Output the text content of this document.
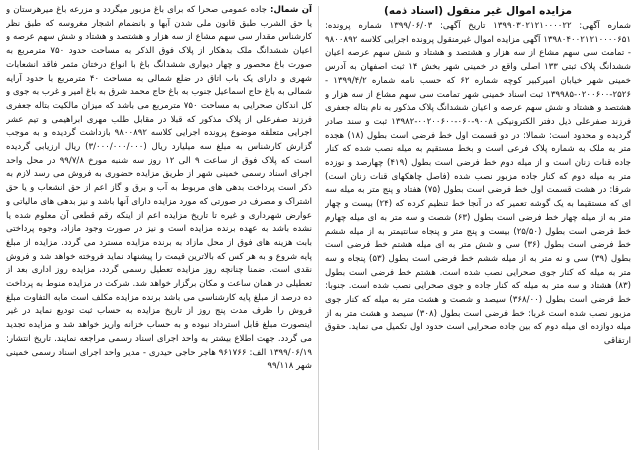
مزایده اموال غیر منقول (اسناد ذمه)

شماره آگهی: ۱۳۹۹۰۳۰۲۱۲۱۰۰۰۰۲۲ تاریخ آگهی: ۱۳۹۹/۰۶/۰۳ شماره پرونده: ۱۳۹۸۰۴۰۰۲۱۲۱۰۰۰۰۶۵۱ آگهی مزایده اموال غیرمنقول پرونده اجرایی کلاسه ۹۸۰۰۸۹۲ - تمامت سی سهم مشاع از سه هزار و هشتصد و هشتاد و شش سهم عرصه اعیان ششدانگ پلاک ثبتی ۱۳۳ اصلی واقع در خمینی شهر بخش ۱۴ ثبت اصفهان به آدرس خمینی شهر خیابان امیرکبیر کوچه شماره ۶۲ که حسب نامه شماره ۱۳۹۹/۴/۲ - ۲۵۲۶-۰۲۰۰۶۰۰-۱۳۹۹۸۵ ثبت اسناد خمینی شهر تمامت سی سهم مشاع از سه هزار و هشتصد و هشتاد و شش سهم عرصه و اعیان ششدانگ پلاک مذکور به نام بتاله جعفری فرزند صفرعلی ذیل دفتر الکترونیکی ۹۰۰۸-۰۶۰-۰۰۲۰۰۶۰۰-۱۳۹۸۲ ثبت و سند صادر گردیده و محدود است: شمالا: در دو قسمت اول خط فرضی است بطول (۱۸) هجده متر به ملک به شماره پلاک فرعی است و بخط مستقیم به میله نصب شده که کنار جاده قنات زنان است و از میله دوم خط فرضی است بطول (۴۱۹) چهارصد و نوزده متر به میله دوم که کنار جاده مزبور نصب شده (فاصل چاهکهای قنات زنان است) شرقا: در هشت قسمت اول خط فرضی است بطول (۷۵) هفتاد و پنج متر به میله سه ای که مستقیما به یک گوشه تعمیر که در آنجا خط تنظیم کرده که (۲۴) بیست و چهار متر به از میله چهار خط فرضی است بطول (۶۳) شصت و سه متر به ای میله چهارم خط فرضی است بطول (۲۵/۵۰) بیست و پنج متر و پنجاه سانتیمتر به از میله ششم خط فرضی است بطول (۳۶) سی و شش متر به ای میله هشتم خط فرضی است بطول (۳۹) سی و نه متر به از میله ششم خط فرضی است بطول (۵۳) پنجاه و سه متر به میله که کنار جوی صحرایی نصب شده است. هشتم خط فرضی است بطول (۸۳) هشتاد و سه متر به میله که کنار جاده و جوی صحرایی نصب شده است. جنوبا: خط فرضی است بطول (۳۶۸/۰۰) سیصد و شصت و هشت متر به میله که کنار جوی مزبور نصب شده است غربا: خط فرضی است بطول (۳۰۸) سیصد و هشت متر به از میله دوازده ای میله دوم که بین جاده صحرایی است حدود اول تکمیل می نماید. حقوق ارتفاقی

آن شمال: جاده عمومی صحرا که برای باغ مزبور میگردد و مزرعه باغ میرهرستان و یا حق الشرب طبق قانون ملی شدن آبها و بانضمام اشجار مغروسه که طبق نظر کارشناس مقدار سی سهم مشاع از سه هزار و هشتصد و هشتاد و شش سهم عرصه و اعیان ششدانگ ملک بدهکار از پلاک فوق الذکر به مساحت حدود ۷۵۰ مترمربع به صورت باغ محصور و چهار دیواری ششدانگ باغ با انواع درختان مثمر فاقد انشعابات شهری و دارای یک باب اتاق در ضلع شمالی به مساحت ۴۰ مترمربع با حدود آرایه شمالی به باغ حاج اسماعیل جنوب به باغ حاج محمد شرق به باغ امیر و غرب به جوی و کل اندکان صحرایی به مساحت ۷۵۰ مترمربع می باشد که میزان مالکیت بتاله جعفری فرزند صفرعلی از پلاک مذکور که قبلا در مقابل طلب مهری ابراهیمی و تیم عشر اجرایی متعلقه موضوع پرونده اجرایی کلاسه ۹۸۰۰۸۹۲ بازداشت گردیده و به موجب گزارش کارشناس به مبلغ سه میلیارد ریال (۳/۰۰۰/۰۰۰/۰۰۰) ریال ارزیابی گردیده است که پلاک فوق از ساعت ۹ الی ۱۲ روز سه شنبه مورخ ۹۹/۷/۸ در محل واحد اجرای اسناد رسمی خمینی شهر از طریق مزایده حضوری به فروش می رسد لازم به ذکر است پرداخت بدهی های مربوط به آب و برق و گاز اعم از حق انشعاب و یا حق اشتراک و مصرف در صورتی که مورد مزایده دارای آنها باشد و نیز بدهی های مالیاتی و عوارض شهرداری و غیره تا تاریخ مزایده اعم از اینکه رقم قطعی آن معلوم شده یا نشده باشد به عهده برنده مزایده است و نیز در صورت وجود مازاد، وجوه پرداختی بابت هزینه های فوق از محل مازاد به برنده مزایده مسترد می گردد. مزایده از مبلغ پایه شروع و به هر کس که بالاترین قیمت را پیشنهاد نماید فروخته خواهد شد و فروش نقدی است. ضمنا چنانچه روز مزایده تعطیل رسمی گردد، مزایده روز اداری بعد از تعطیلی در همان ساعت و مکان برگزار خواهد شد. شرکت در مزایده منوط به پرداخت ده درصد از مبلغ پایه کارشناسی می باشد برنده مزایده مکلف است مابه التفاوت مبلغ فروش را ظرف مدت پنج روز از تاریخ مزایده به حساب ثبت تودیع نماید در غیر اینصورت مبلغ قابل استرداد نبوده و به حساب خزانه واریز خواهد شد و مزایده تجدید می گردد. جهت اطلاع بیشتر به واحد اجرای اسناد رسمی مراجعه نمایند. تاریخ انتشار: ۱۳۹۹/۰۶/۱۹ الف: ۹۶۱۷۶۶ هاجر حاجی حیدری - مدیر واحد اجرای اسناد رسمی خمینی شهر ۹۹/۱۱۸
